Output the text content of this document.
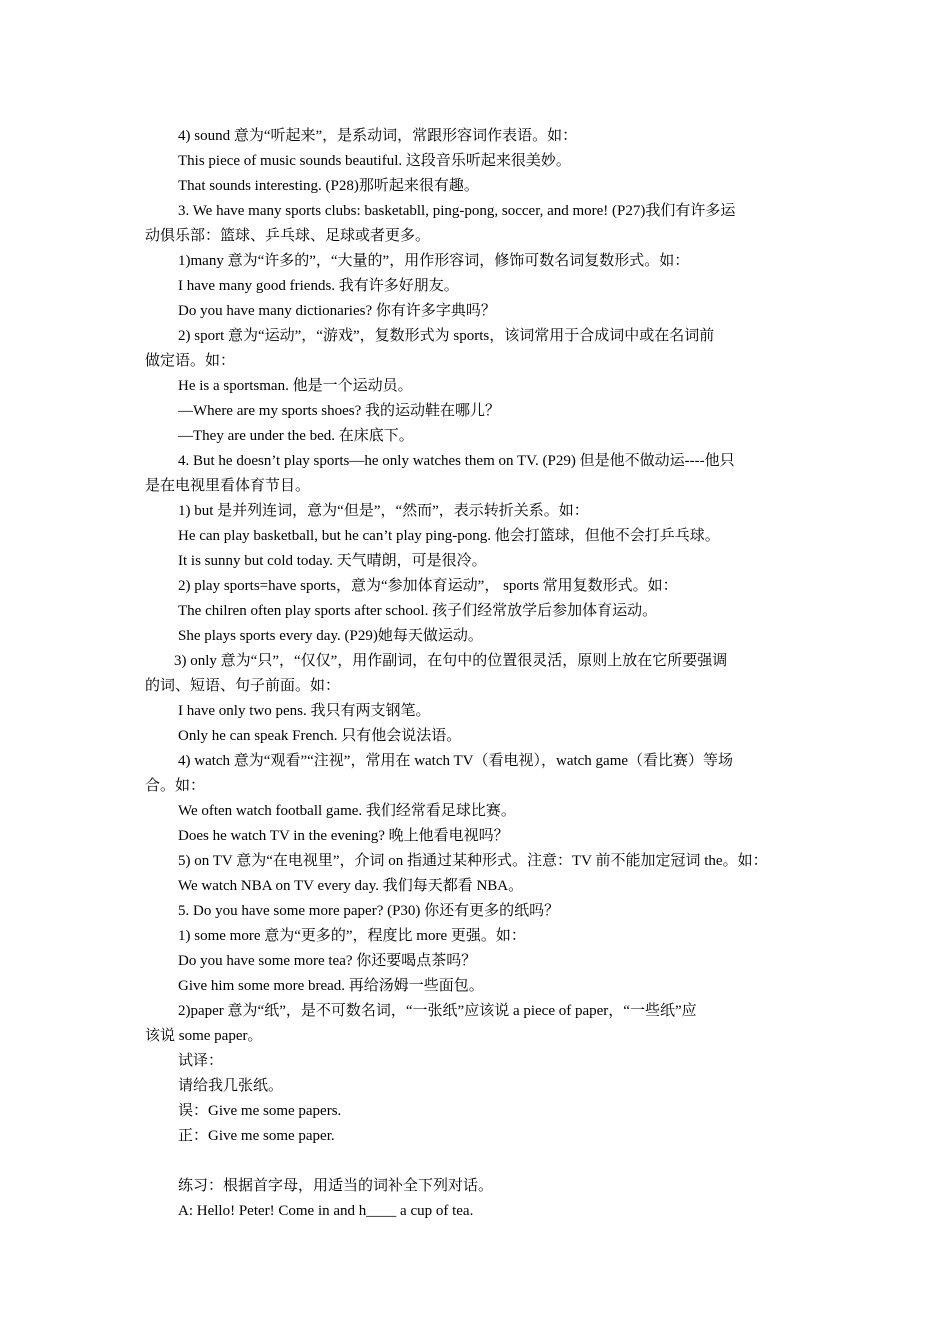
4) sound 意为“听起来”，是系动词，常跟形容词作表语。如：
This piece of music sounds beautiful. 这段音乐听起来很美妙。
That sounds interesting. (P28)那听起来很有趣。
3. We have many sports clubs: basketabll, ping-pong, soccer, and more! (P27)我们有许多运
动俱乐部：篮球、乒乓球、足球或者更多。
1)many 意为“许多的”，“大量的”，用作形容词，修饰可数名词复数形式。如：
I have many good friends. 我有许多好朋友。
Do you have many dictionaries? 你有许多字典吗？
2) sport 意为“运动”，“游戏”，复数形式为 sports，该词常用于合成词中或在名词前
做定语。如：
He is a sportsman. 他是一个运动员。
—Where are my sports shoes? 我的运动鞋在哪儿？
—They are under the bed. 在床底下。
4. But he doesn’t play sports—he only watches them on TV. (P29) 但是他不做动运----他只
是在电视里看体育节目。
1) but 是并列连词，意为“但是”，“然而”，表示转折关系。如：
He can play basketball, but he can’t play ping-pong. 他会打篮球，但他不会打乒乓球。
It is sunny but cold today. 天气晴朗，可是很冷。
2) play sports=have sports，意为“参加体育运动”， sports 常用复数形式。如：
The chilren often play sports after school. 孩子们经常放学后参加体育运动。
She plays sports every day. (P29)她每天做运动。
3) only 意为“只”，“仅仅”，用作副词，在句中的位置很灵活，原则上放在它所要强调
的词、短语、句子前面。如：
I have only two pens. 我只有两支钢笔。
Only he can speak French. 只有他会说法语。
4) watch 意为“观看”“注视”，常用在 watch TV（看电视），watch game（看比赛）等场
合。如：
We often watch football game. 我们经常看足球比赛。
Does he watch TV in the evening? 晚上他看电视吗？
5) on TV 意为“在电视里”，介词 on 指通过某种形式。注意：TV 前不能加定冠词 the。如：
We watch NBA on TV every day. 我们每天都看 NBA。
5. Do you have some more paper? (P30) 你还有更多的纸吗？
1) some more 意为“更多的”，程度比 more 更强。如：
Do you have some more tea? 你还要喝点茶吗？
Give him some more bread. 再给汤姆一些面包。
2)paper 意为“纸”，是不可数名词，“一张纸”应该说 a piece of paper，“一些纸”应
该说 some paper。
试译：
请给我几张纸。
误：Give me some papers.
正：Give me some paper.
练习：根据首字母，用适当的词补全下列对话。
A: Hello! Peter! Come in and h____ a cup of tea.
